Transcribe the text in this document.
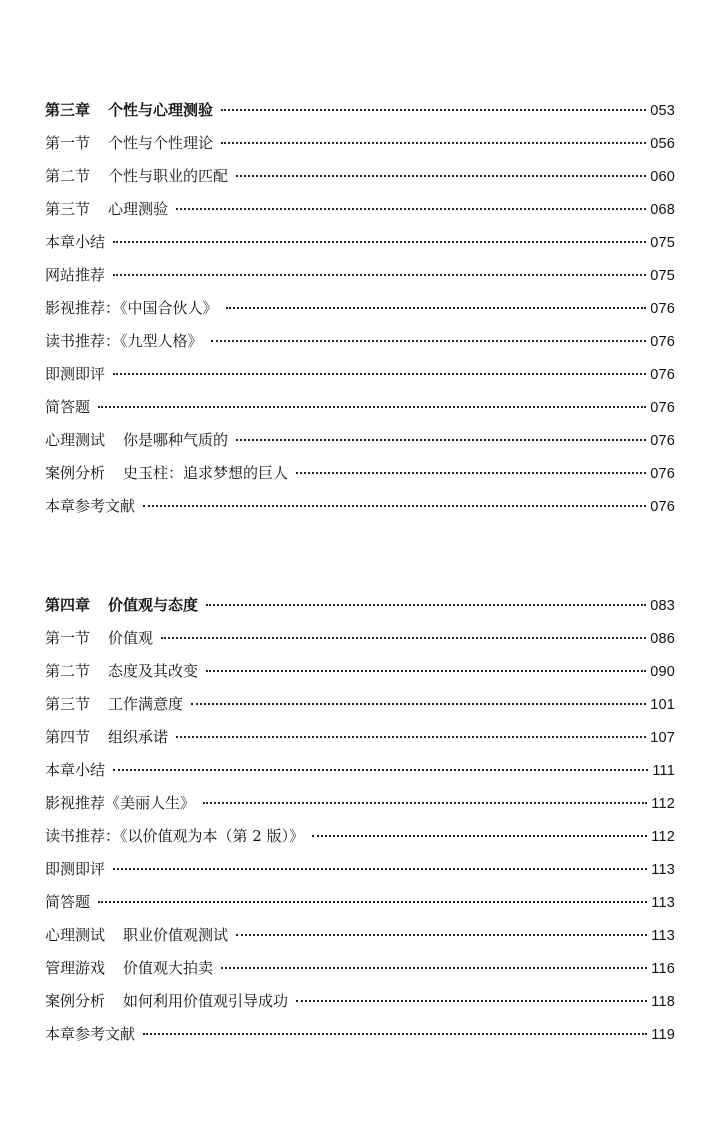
第三章 个性与心理测验	053
第一节 个性与个性理论	056
第二节 个性与职业的匹配	060
第三节 心理测验	068
本章小结	075
网站推荐	075
影视推荐：《中国合伙人》	076
读书推荐：《九型人格》	076
即测即评	076
简答题	076
心理测试 你是哪种气质的	076
案例分析 史玉柱：追求梦想的巨人	076
本章参考文献	076
第四章 价值观与态度	083
第一节 价值观	086
第二节 态度及其改变	090
第三节 工作满意度	101
第四节 组织承诺	107
本章小结	111
影视推荐《美丽人生》	112
读书推荐：《以价值观为本（第 2 版）》	112
即测即评	113
简答题	113
心理测试 职业价值观测试	113
管理游戏 价值观大拍卖	116
案例分析 如何利用价值观引导成功	118
本章参考文献	119
